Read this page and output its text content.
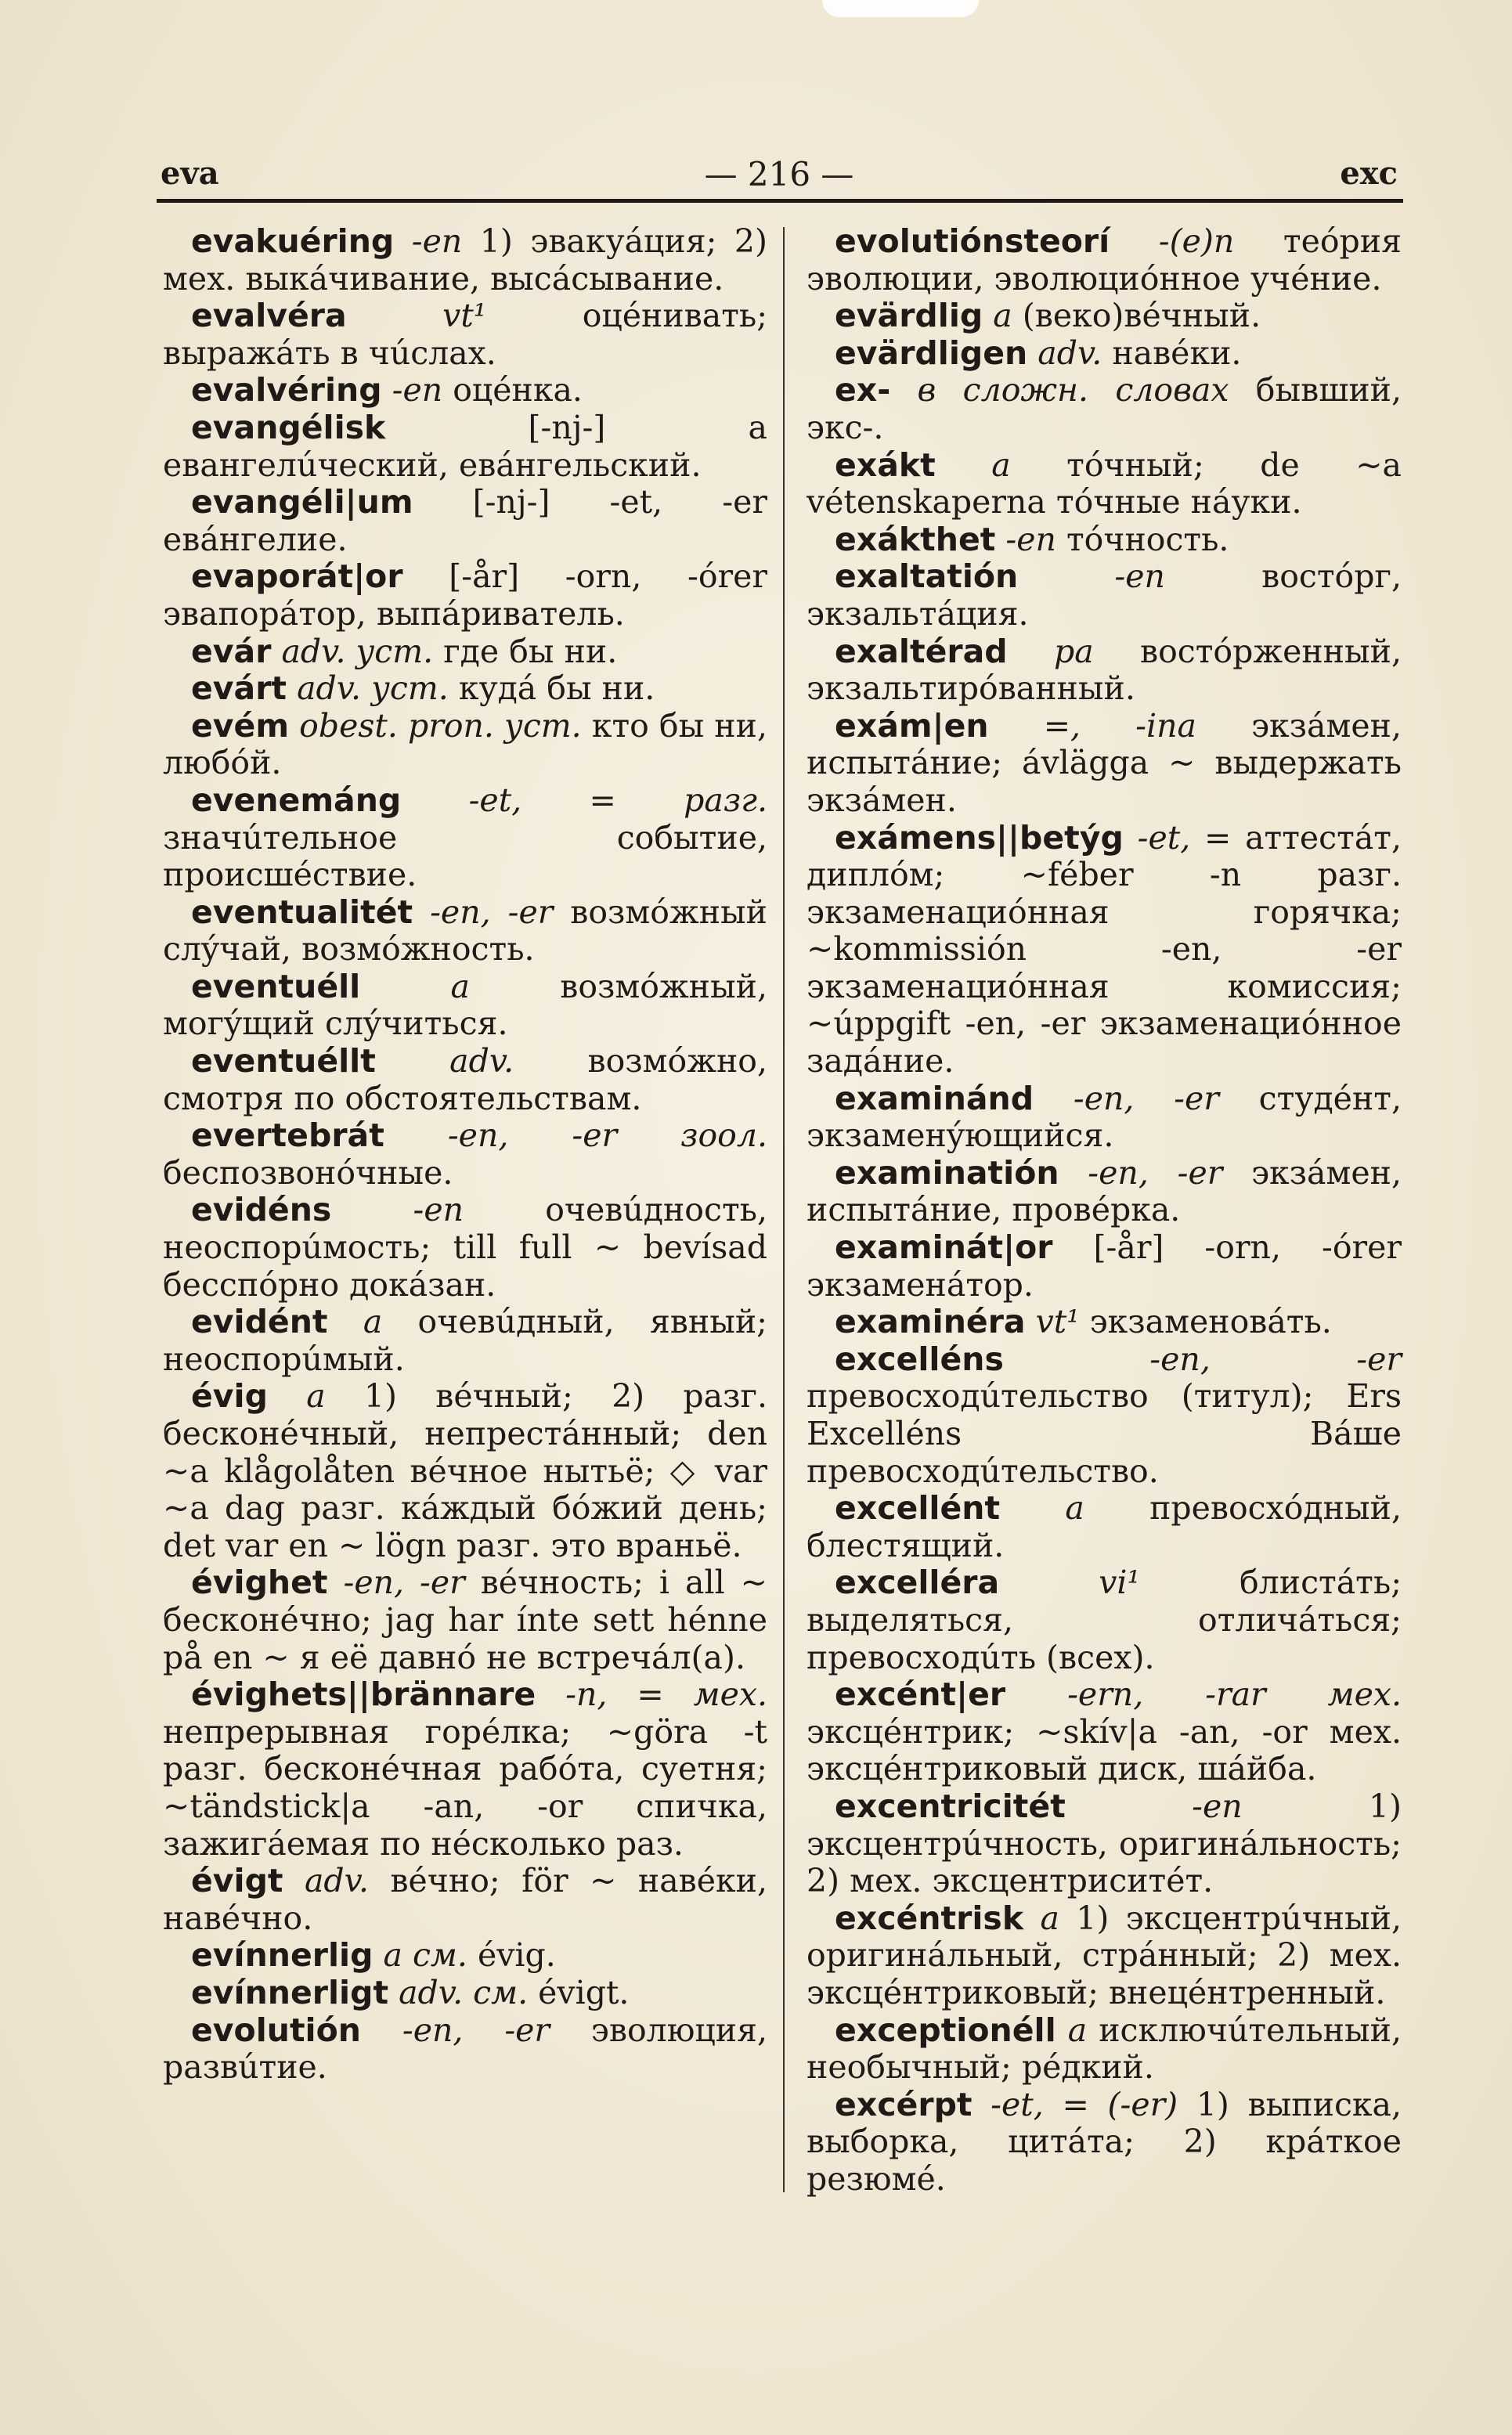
eva	— 216 —	exc

evakuéring -en 1) эвакуáция; 2) мех. выкáчивание, высáсывание.

evalvéra vt¹ оцéнивать; выражáть в чúслах.

evalvéring -en оцéнка.

evangélisk [-nj-] a евангелúческий, евáнгельский.

evangéli|um [-nj-] -et, -er евáнгелие.

evaporát|or [-år] -orn, -órer эвапорáтор, выпáриватель.

evár adv. уст. где бы ни.

evárt adv. уст. кудá бы ни.

evém obest. pron. уст. кто бы ни, любóй.

evenemáng -et, = разг. значúтельное событие, происшéствие.

eventualitét -en, -er возмóжный слýчай, возмóжность.

eventuéll a возмóжный, могýщий слýчиться.

eventuéllt adv. возмóжно, смотря по обстоятельствам.

evertebrát -en, -er зоол. беспозвонóчные.

evidéns -en очевúдность, неоспорúмость; till full ~ bevísad бесспóрно докáзан.

evidént a очевúдный, явный; неоспорúмый.

évig a 1) вéчный; 2) разг. бесконéчный, непрестáнный; den ~a klågolåten вéчное нытьё; ◇ var ~a dag разг. кáждый бóжий день; det var en ~ lögn разг. это враньё.

évighet -en, -er вéчность; i all ~ бесконéчно; jag har ínte sett hénne på en ~ я её давнó не встречáл(а).

évighets||brännare -n, = мех. непрерывная горéлка; ~göra -t разг. бесконéчная рабóта, суетня; ~tändstick|a -an, -or спичка, зажигáемая по нéсколько раз.

évigt adv. вéчно; för ~ навéки, навéчно.

evínnerlig a см. évig.

evínnerligt adv. см. évigt.

evolutión -en, -er эволюция, развúтие.

evolutiónsteorí -(e)n теóрия эволюции, эволюциóнное учéние.

evärdlig a (веко)вéчный.

evärdligen adv. навéки.

ex- в сложн. словах бывший, экс-.

exákt a тóчный; de ~a vétenskaperna тóчные нáуки.

exákthet -en тóчность.

exaltatión -en востóрг, экзальтáция.

exaltérad pa востóрженный, экзальтирóванный.

exám|en =, -ina экзáмен, испытáние; ávlägga ~ выдержать экзáмен.

exámens||betýg -et, = аттестáт, диплóм; ~féber -n разг. экзаменациóнная горячка; ~kommissión -en, -er экзаменациóнная комиссия; ~úppgift -en, -er экзаменациóнное задáние.

examinánd -en, -er студéнт, экзаменýющийся.

examinatión -en, -er экзáмен, испытáние, провéрка.

examinát|or [-år] -orn, -órer экзаменáтор.

examinéra vt¹ экзаменовáть.

excelléns -en, -er превосходúтельство (титул); Ers Excelléns Вáше превосходúтельство.

excellént a превосхóдный, блестящий.

excelléra vi¹ блистáть; выделяться, отличáться; превосходúть (всех).

excént|er -ern, -rar мех. эксцéнтрик; ~skív|a -an, -or мех. эксцéнтриковый диск, шáйба.

excentricitét -en 1) эксцентрúчность, оригинáльность; 2) мех. эксцентриситéт.

excéntrisk a 1) эксцентрúчный, оригинáльный, стрáнный; 2) мех. эксцéнтриковый; внецéнтренный.

exceptionéll a исключúтельный, необычный; рéдкий.

excérpt -et, = (-er) 1) выписка, выборка, цитáта; 2) крáткое резюмé.
